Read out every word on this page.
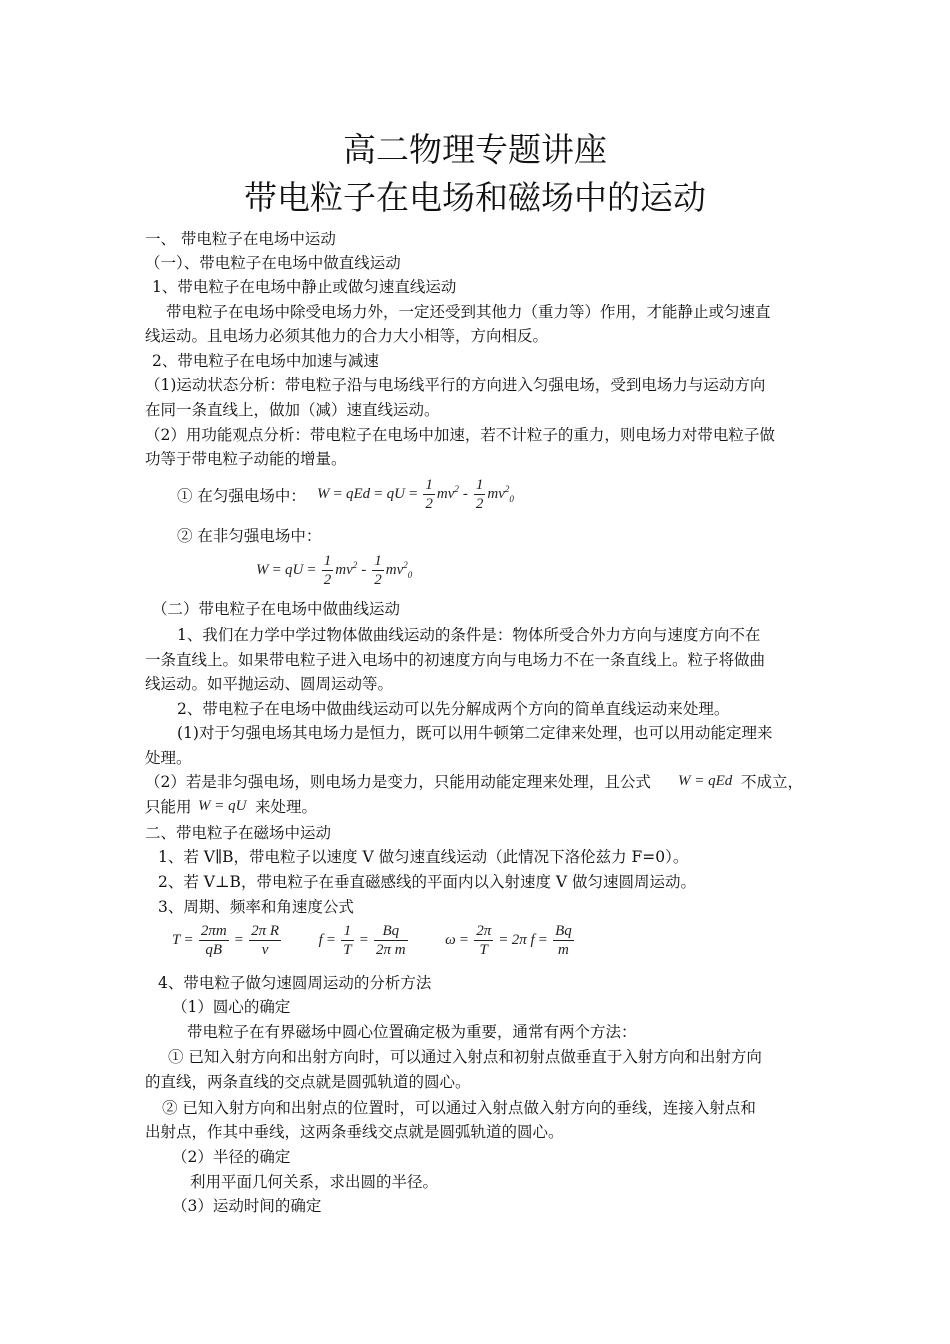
高二物理专题讲座
带电粒子在电场和磁场中的运动
一、 带电粒子在电场中运动
（一）、带电粒子在电场中做直线运动
1、带电粒子在电场中静止或做匀速直线运动
带电粒子在电场中除受电场力外，一定还受到其他力（重力等）作用，才能静止或匀速直
线运动。且电场力必须其他力的合力大小相等，方向相反。
2、带电粒子在电场中加速与减速
（1)运动状态分析：带电粒子沿与电场线平行的方向进入匀强电场，受到电场力与运动方向
在同一条直线上，做加（减）速直线运动。
（2）用功能观点分析：带电粒子在电场中加速，若不计粒子的重力，则电场力对带电粒子做
功等于带电粒子动能的增量。
① 在匀强电场中： W = qEd = qU = $\frac{1}{2} mv^2 - \frac{1}{2} mv^2_0$
② 在非匀强电场中：
W = qU = $\frac{1}{2} mv^2 - \frac{1}{2} mv^2_0$
（二）带电粒子在电场中做曲线运动
1、我们在力学中学过物体做曲线运动的条件是：物体所受合外力方向与速度方向不在
一条直线上。如果带电粒子进入电场中的初速度方向与电场力不在一条直线上。粒子将做曲
线运动。如平抛运动、圆周运动等。
2、带电粒子在电场中做曲线运动可以先分解成两个方向的简单直线运动来处理。
(1)对于匀强电场其电场力是恒力，既可以用牛顿第二定律来处理，也可以用动能定理来
处理。
（2）若是非匀强电场，则电场力是变力，只能用动能定理来处理，且公式 W = qEd 不成立，
只能用 W = qU 来处理。
二、带电粒子在磁场中运动
1、若 V∥B，带电粒子以速度 V 做匀速直线运动（此情况下洛伦兹力 F=0）。
2、若 V⊥B，带电粒子在垂直磁感线的平面内以入射速度 V 做匀速圆周运动。
3、周期、频率和角速度公式
$T = \frac{2\pi m}{qB} = \frac{\text{2π R}}{v}$	$f = \frac{1}{T} = \frac{Bq}{\text{2π m}}$	$\omega = \frac{2\pi}{T} = 2\pi$ $f = \frac{Bq}{m}$
4、带电粒子做匀速圆周运动的分析方法
（1）圆心的确定
带电粒子在有界磁场中圆心位置确定极为重要，通常有两个方法：
① 已知入射方向和出射方向时，可以通过入射点和初射点做垂直于入射方向和出射方向
的直线，两条直线的交点就是圆弧轨道的圆心。
② 已知入射方向和出射点的位置时，可以通过入射点做入射方向的垂线，连接入射点和
出射点，作其中垂线，这两条垂线交点就是圆弧轨道的圆心。
（2）半径的确定
利用平面几何关系，求出圆的半径。
（3）运动时间的确定
